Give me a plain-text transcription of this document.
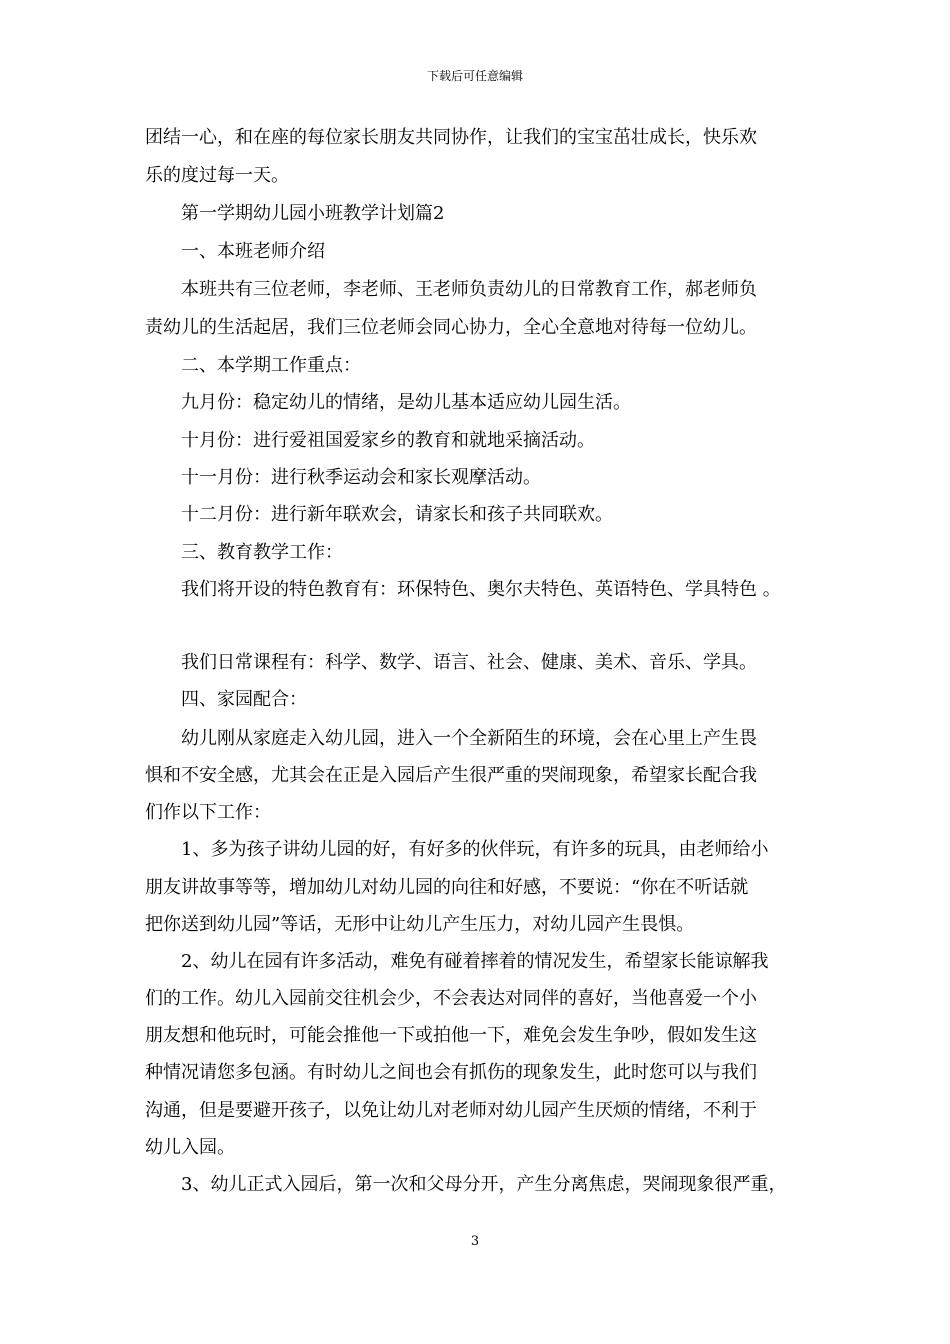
下载后可任意编辑
团结一心，和在座的每位家长朋友共同协作，让我们的宝宝茁壮成长，快乐欢
乐的度过每一天。
第一学期幼儿园小班教学计划篇2
一、本班老师介绍
本班共有三位老师，李老师、王老师负责幼儿的日常教育工作，郝老师负
责幼儿的生活起居，我们三位老师会同心协力，全心全意地对待每一位幼儿。
二、本学期工作重点：
九月份：稳定幼儿的情绪，是幼儿基本适应幼儿园生活。
十月份：进行爱祖国爱家乡的教育和就地采摘活动。
十一月份：进行秋季运动会和家长观摩活动。
十二月份：进行新年联欢会，请家长和孩子共同联欢。
三、教育教学工作：
我们将开设的特色教育有：环保特色、奥尔夫特色、英语特色、学具特色 。
我们日常课程有：科学、数学、语言、社会、健康、美术、音乐、学具。
四、家园配合：
幼儿刚从家庭走入幼儿园，进入一个全新陌生的环境，会在心里上产生畏
惧和不安全感，尤其会在正是入园后产生很严重的哭闹现象，希望家长配合我
们作以下工作：
1、多为孩子讲幼儿园的好，有好多的伙伴玩，有许多的玩具，由老师给小
朋友讲故事等等，增加幼儿对幼儿园的向往和好感，不要说：“你在不听话就
把你送到幼儿园”等话，无形中让幼儿产生压力，对幼儿园产生畏惧。
2、幼儿在园有许多活动，难免有碰着摔着的情况发生，希望家长能谅解我
们的工作。幼儿入园前交往机会少，不会表达对同伴的喜好，当他喜爱一个小
朋友想和他玩时，可能会推他一下或拍他一下，难免会发生争吵，假如发生这
种情况请您多包涵。有时幼儿之间也会有抓伤的现象发生，此时您可以与我们
沟通，但是要避开孩子，以免让幼儿对老师对幼儿园产生厌烦的情绪，不利于
幼儿入园。
3、幼儿正式入园后，第一次和父母分开，产生分离焦虑，哭闹现象很严重，
3
